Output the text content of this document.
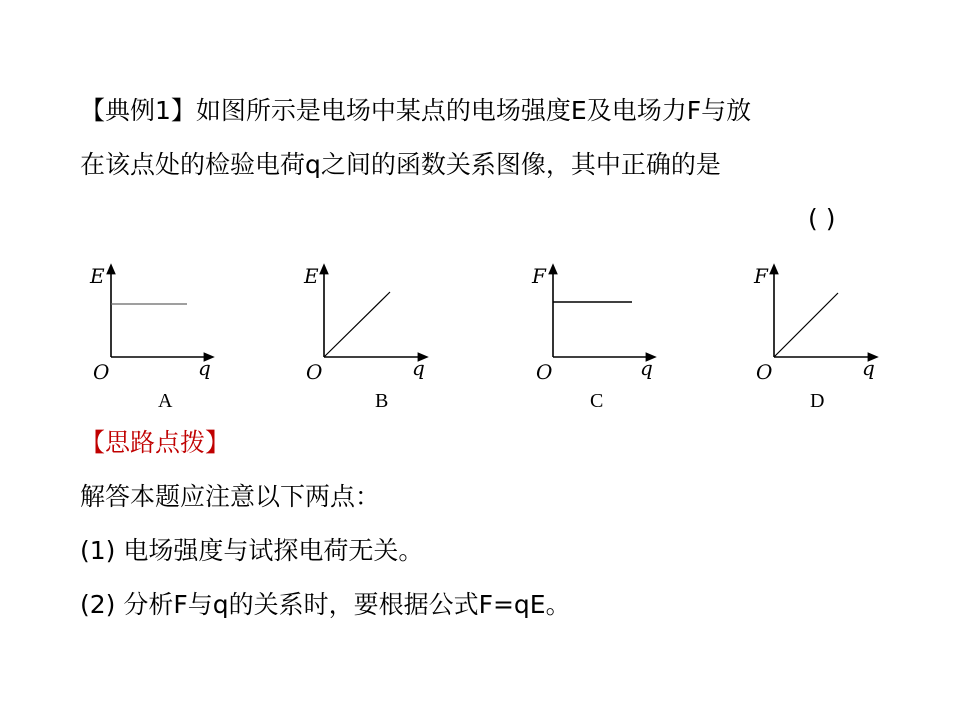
【典例1】如图所示是电场中某点的电场强度E及电场力F与放
在该点处的检验电荷q之间的函数关系图像，其中正确的是
( )
E
O	q
A
E
O	q
B
F
O	q
C
F
O	q
D
【思路点拨】
解答本题应注意以下两点：
(1) 电场强度与试探电荷无关。
(2) 分析F与q的关系时，要根据公式F=qE。
